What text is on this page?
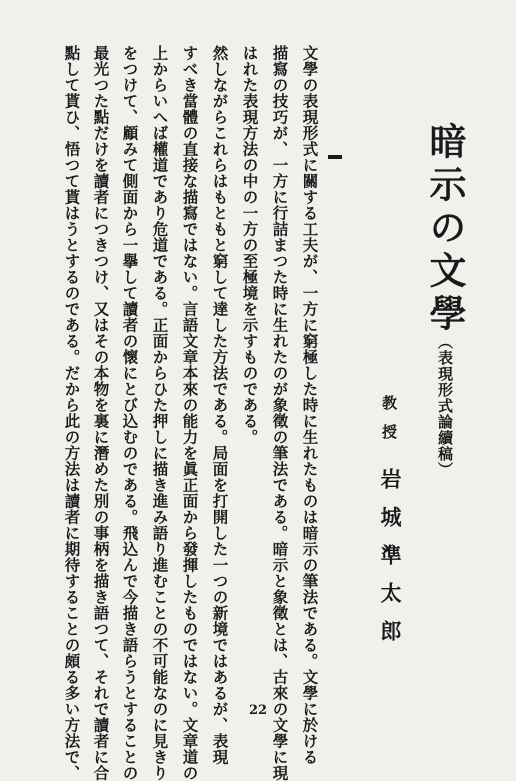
暗示の文學
（表現形式論續稿）
教授
岩城準太郎
文學の表現形式に關する工夫が、一方に窮極した時に生れたものは暗示の筆法である。文學に於ける
描寫の技巧が、一方に行詰まつた時に生れたのが象徵の筆法である。暗示と象徵とは、古來の文學に現
はれた表現方法の中の一方の至極境を示すものである。
然しながらこれらはもともと窮して達した方法である。局面を打開した一つの新境ではあるが、表現
すべき當體の直接な描寫ではない。言語文章本來の能力を眞正面から發揮したものではない。文章道の
上からいへば權道であり危道である。正面からひた押しに描き進み語り進むことの不可能なのに見きり
をつけて、顧みて側面から一擧して讀者の懷にとび込むのである。飛込んで今描き語らうとすることの
最光つた點だけを讀者につきつけ、又はその本物を裏に潛めた別の事柄を描き語つて、それで讀者に合
點して貰ひ、悟つて貰はうとするのである。だから此の方法は讀者に期待することの頗る多い方法で、	22
